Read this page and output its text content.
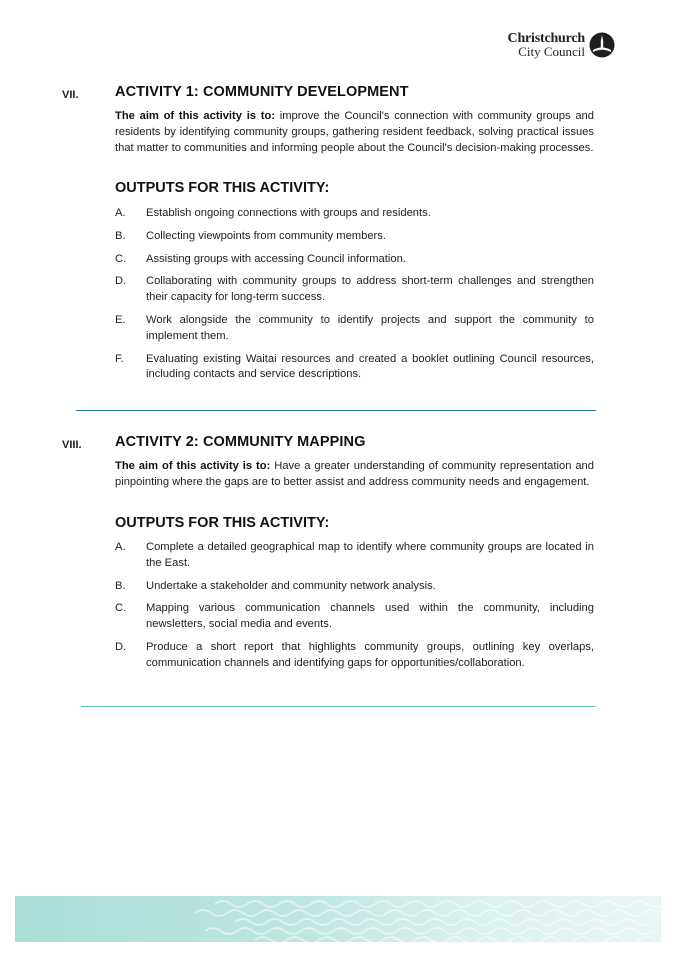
Christchurch
City Council
VII.	ACTIVITY 1: COMMUNITY DEVELOPMENT
The aim of this activity is to: improve the Council's connection with community groups and residents by identifying community groups, gathering resident feedback, solving practical issues that matter to communities and informing people about the Council's decision-making processes.
OUTPUTS FOR THIS ACTIVITY:
A.	Establish ongoing connections with groups and residents.
B.	Collecting viewpoints from community members.
C.	Assisting groups with accessing Council information.
D.	Collaborating with community groups to address short-term challenges and strengthen their capacity for long-term success.
E.	Work alongside the community to identify projects and support the community to implement them.
F.	Evaluating existing Waitai resources and created a booklet outlining Council resources, including contacts and service descriptions.
VIII. ACTIVITY 2: COMMUNITY MAPPING
The aim of this activity is to: Have a greater understanding of community representation and pinpointing where the gaps are to better assist and address community needs and engagement.
OUTPUTS FOR THIS ACTIVITY:
A.	Complete a detailed geographical map to identify where community groups are located in the East.
B.	Undertake a stakeholder and community network analysis.
C.	Mapping various communication channels used within the community, including newsletters, social media and events.
D.	Produce a short report that highlights community groups, outlining key overlaps, communication channels and identifying gaps for opportunities/collaboration.
